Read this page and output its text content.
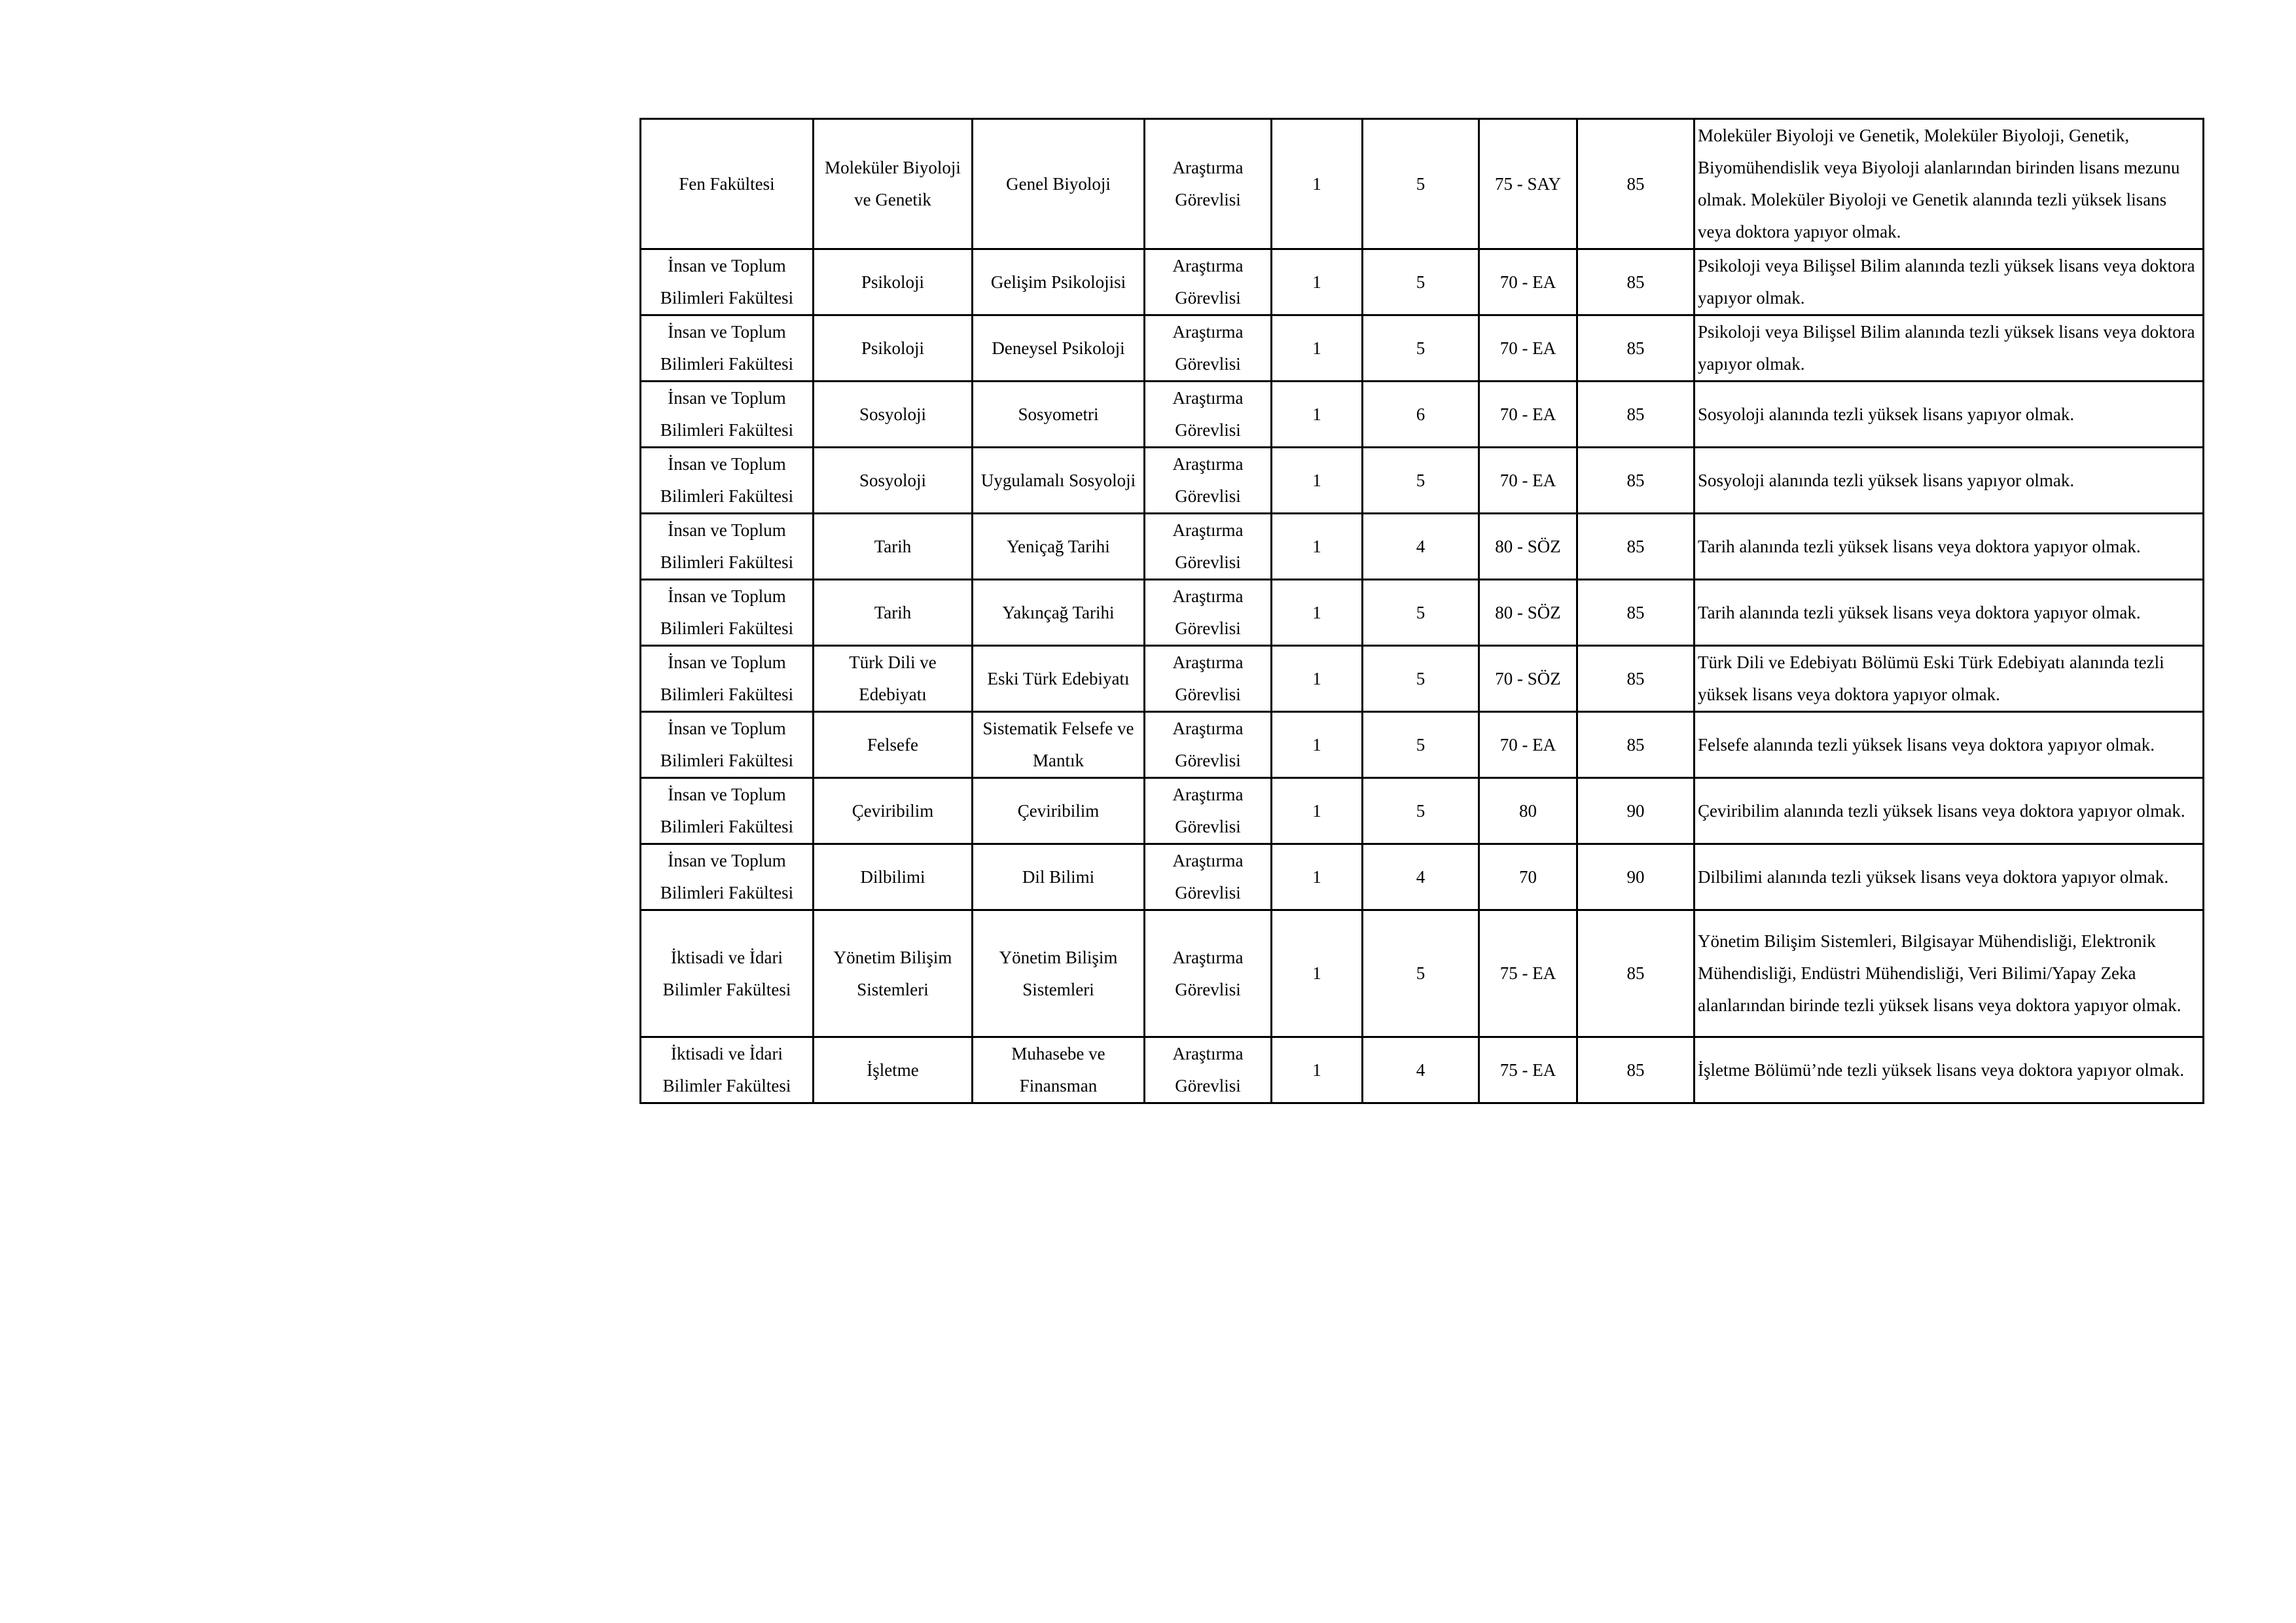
Fen Fakültesi	Moleküler Biyoloji ve Genetik	Genel Biyoloji	Araştırma Görevlisi	1	5	75 - SAY	85	Moleküler Biyoloji ve Genetik, Moleküler Biyoloji, Genetik, Biyomühendislik veya Biyoloji alanlarından birinden lisans mezunu olmak. Moleküler Biyoloji ve Genetik alanında tezli yüksek lisans veya doktora yapıyor olmak.

İnsan ve Toplum Bilimleri Fakültesi	Psikoloji	Gelişim Psikolojisi	Araştırma Görevlisi	1	5	70 - EA	85	Psikoloji veya Bilişsel Bilim alanında tezli yüksek lisans veya doktora yapıyor olmak.

İnsan ve Toplum Bilimleri Fakültesi	Psikoloji	Deneysel Psikoloji	Araştırma Görevlisi	1	5	70 - EA	85	Psikoloji veya Bilişsel Bilim alanında tezli yüksek lisans veya doktora yapıyor olmak.

İnsan ve Toplum Bilimleri Fakültesi	Sosyoloji	Sosyometri	Araştırma Görevlisi	1	6	70 - EA	85	Sosyoloji alanında tezli yüksek lisans yapıyor olmak.

İnsan ve Toplum Bilimleri Fakültesi	Sosyoloji	Uygulamalı Sosyoloji	Araştırma Görevlisi	1	5	70 - EA	85	Sosyoloji alanında tezli yüksek lisans yapıyor olmak.

İnsan ve Toplum Bilimleri Fakültesi	Tarih	Yeniçağ Tarihi	Araştırma Görevlisi	1	4	80 - SÖZ	85	Tarih alanında tezli yüksek lisans veya doktora yapıyor olmak.

İnsan ve Toplum Bilimleri Fakültesi	Tarih	Yakınçağ Tarihi	Araştırma Görevlisi	1	5	80 - SÖZ	85	Tarih alanında tezli yüksek lisans veya doktora yapıyor olmak.

İnsan ve Toplum Bilimleri Fakültesi	Türk Dili ve Edebiyatı	Eski Türk Edebiyatı	Araştırma Görevlisi	1	5	70 - SÖZ	85	Türk Dili ve Edebiyatı Bölümü Eski Türk Edebiyatı alanında tezli yüksek lisans veya doktora yapıyor olmak.

İnsan ve Toplum Bilimleri Fakültesi	Felsefe	Sistematik Felsefe ve Mantık	Araştırma Görevlisi	1	5	70 - EA	85	Felsefe alanında tezli yüksek lisans veya doktora yapıyor olmak.

İnsan ve Toplum Bilimleri Fakültesi	Çeviribilim	Çeviribilim	Araştırma Görevlisi	1	5	80	90	Çeviribilim alanında tezli yüksek lisans veya doktora yapıyor olmak.

İnsan ve Toplum Bilimleri Fakültesi	Dilbilimi	Dil Bilimi	Araştırma Görevlisi	1	4	70	90	Dilbilimi alanında tezli yüksek lisans veya doktora yapıyor olmak.

İktisadi ve İdari Bilimler Fakültesi	Yönetim Bilişim Sistemleri	Yönetim Bilişim Sistemleri	Araştırma Görevlisi	1	5	75 - EA	85	Yönetim Bilişim Sistemleri, Bilgisayar Mühendisliği, Elektronik Mühendisliği, Endüstri Mühendisliği, Veri Bilimi/Yapay Zeka alanlarından birinde tezli yüksek lisans veya doktora yapıyor olmak.

İktisadi ve İdari Bilimler Fakültesi	İşletme	Muhasebe ve Finansman	Araştırma Görevlisi	1	4	75 - EA	85	İşletme Bölümü’nde tezli yüksek lisans veya doktora yapıyor olmak.
